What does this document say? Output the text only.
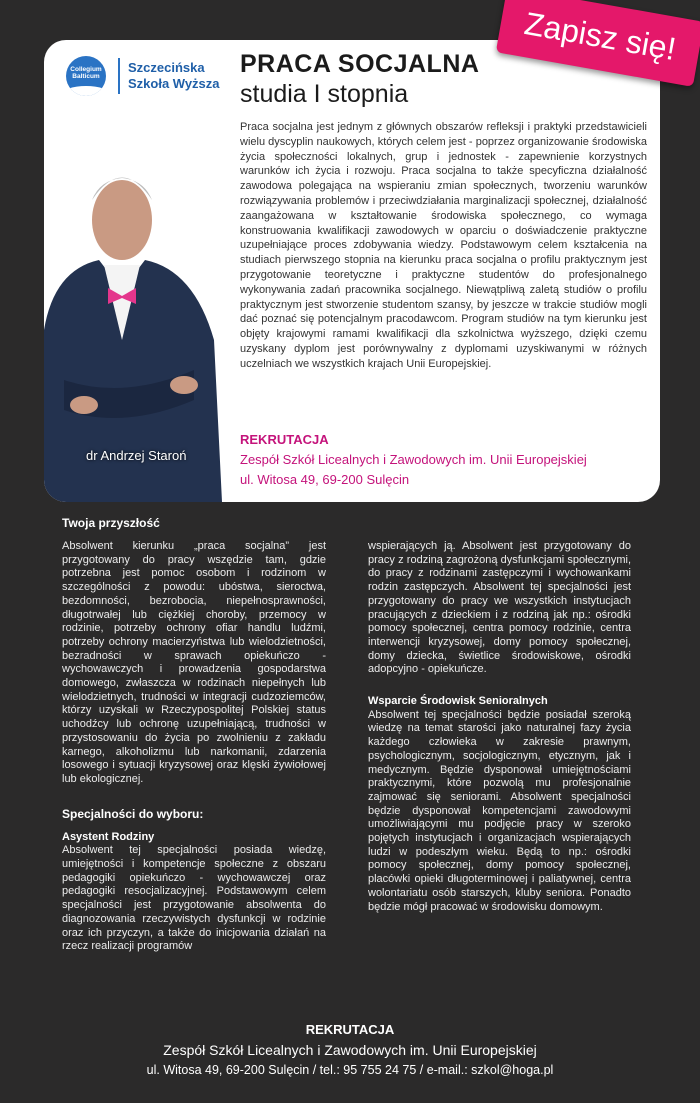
Collegium
Balticum
Szczecińska
Szkoła Wyższa
PRACA SOCJALNA
studia I stopnia
dr Andrzej Staroń

Praca socjalna jest jednym z głównych obszarów refleksji i praktyki przedstawicieli wielu dyscyplin naukowych, których celem jest - poprzez organizowanie środowiska życia społeczności lokalnych, grup i jednostek - zapewnienie korzystnych warunków ich życia i rozwoju. Praca socjalna to także specyficzna działalność zawodowa polegająca na wspieraniu zmian społecznych, tworzeniu warunków rozwiązywania problemów i przeciwdziałania marginalizacji społecznej, działalność zaangażowana w kształtowanie środowiska społecznego, co wymaga konstruowania kwalifikacji zawodowych w oparciu o doświadczenie praktyczne uzupełniające proces zdobywania wiedzy. Podstawowym celem kształcenia na studiach pierwszego stopnia na kierunku praca socjalna o profilu praktycznym jest przygotowanie teoretyczne i praktyczne studentów do profesjonalnego wykonywania zadań pracownika socjalnego. Niewątpliwą zaletą studiów o profilu praktycznym jest stworzenie studentom szansy, by jeszcze w trakcie studiów mogli dać poznać się potencjalnym pracodawcom. Program studiów na tym kierunku jest objęty krajowymi ramami kwalifikacji dla szkolnictwa wyższego, dzięki czemu uzyskany dyplom jest porównywalny z dyplomami uzyskiwanymi w różnych uczelniach we wszystkich krajach Unii Europejskiej.

REKRUTACJA
Zespół Szkół Licealnych i Zawodowych im. Unii Europejskiej
ul. Witosa 49, 69-200 Sulęcin
Zapisz się!
Twoja przyszłość

Absolwent kierunku „praca socjalna” jest przygotowany do pracy wszędzie tam, gdzie potrzebna jest pomoc osobom i rodzinom w szczególności z powodu: ubóstwa, sieroctwa, bezdomności, bezrobocia, niepełnosprawności, długotrwałej lub ciężkiej choroby, przemocy w rodzinie, potrzeby ochrony ofiar handlu ludźmi, potrzeby ochrony macierzyństwa lub wielodzietności, bezradności w sprawach opiekuńczo - wychowawczych i prowadzenia gospodarstwa domowego, zwłaszcza w rodzinach niepełnych lub wielodzietnych, trudności w integracji cudzoziemców, którzy uzyskali w Rzeczypospolitej Polskiej status uchodźcy lub ochronę uzupełniającą, trudności w przystosowaniu do życia po zwolnieniu z zakładu karnego, alkoholizmu lub narkomanii, zdarzenia losowego i sytuacji kryzysowej oraz klęski żywiołowej lub ekologicznej.

Specjalności do wyboru:
Asystent Rodziny

Absolwent tej specjalności posiada wiedzę, umiejętności i kompetencje społeczne z obszaru pedagogiki opiekuńczo - wychowawczej oraz pedagogiki resocjalizacyjnej. Podstawowym celem specjalności jest przygotowanie absolwenta do diagnozowania rzeczywistych dysfunkcji w rodzinie oraz ich przyczyn, a także do inicjowania działań na rzecz realizacji programów

wspierających ją. Absolwent jest przygotowany do pracy z rodziną zagrożoną dysfunkcjami społecznymi, do pracy z rodzinami zastępczymi i wychowankami rodzin zastępczych. Absolwent tej specjalności jest przygotowany do pracy we wszystkich instytucjach pracujących z dzieckiem i z rodziną jak np.: ośrodki pomocy społecznej, centra pomocy rodzinie, centra interwencji kryzysowej, domy pomocy społecznej, domy dziecka, świetlice środowiskowe, ośrodki adopcyjno - opiekuńcze.

Wsparcie Środowisk Senioralnych

Absolwent tej specjalności będzie posiadał szeroką wiedzę na temat starości jako naturalnej fazy życia każdego człowieka w zakresie prawnym, psychologicznym, socjologicznym, etycznym, jak i medycznym. Będzie dysponował umiejętnościami praktycznymi, które pozwolą mu profesjonalnie zajmować się seniorami. Absolwent specjalności będzie dysponował kompetencjami zawodowymi umożliwiającymi mu podjęcie pracy w szeroko pojętych instytucjach i organizacjach wspierających ludzi w podeszłym wieku. Będą to np.: ośrodki pomocy społecznej, domy pomocy społecznej, placówki opieki długoterminowej i paliatywnej, centra wolontariatu osób starszych, kluby seniora. Ponadto będzie mógł pracować w środowisku domowym.

REKRUTACJA
Zespół Szkół Licealnych i Zawodowych im. Unii Europejskiej
ul. Witosa 49, 69-200 Sulęcin / tel.: 95 755 24 75 / e-mail.: szkol@hoga.pl
